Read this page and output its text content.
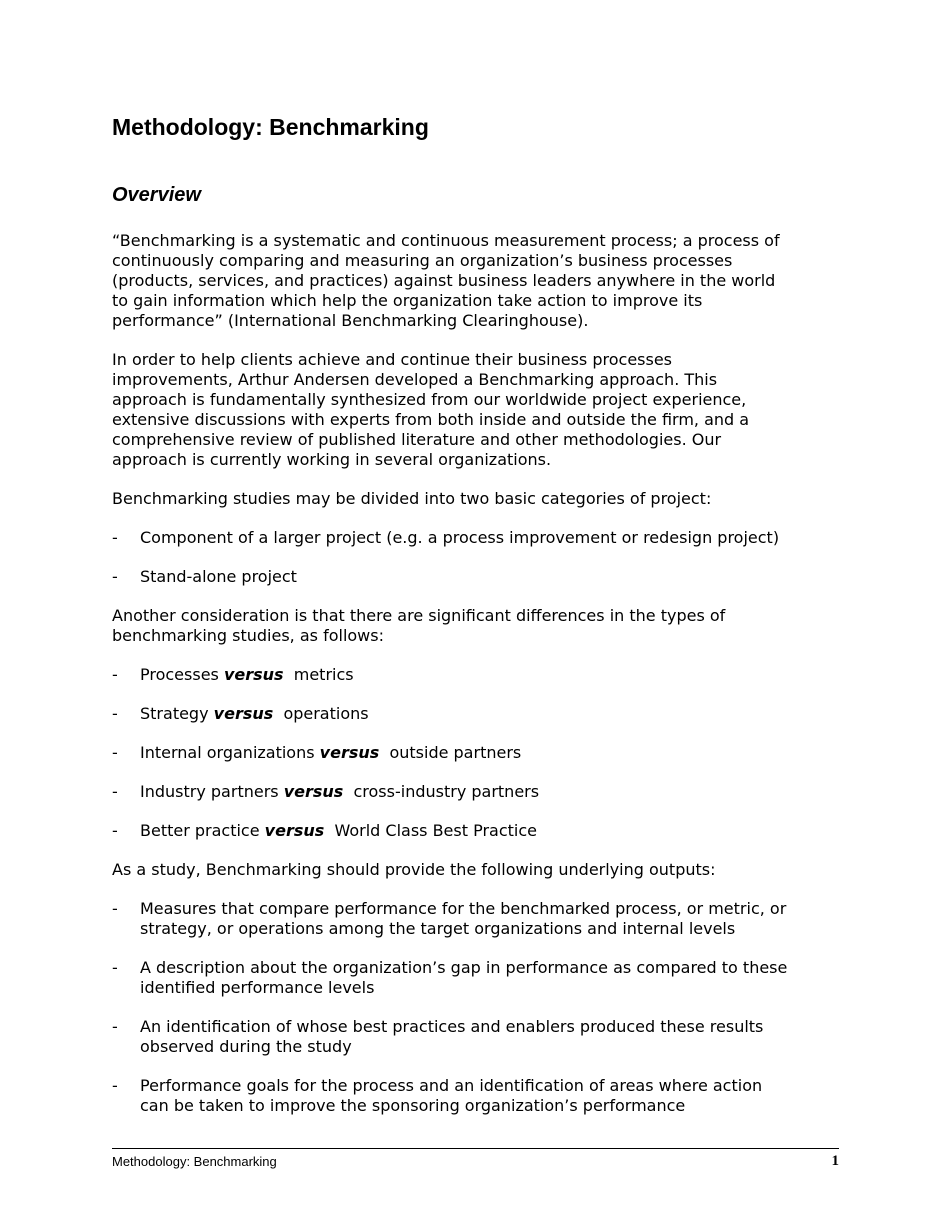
Methodology: Benchmarking
Overview

“Benchmarking is a systematic and continuous measurement process; a process of
continuously comparing and measuring an organization’s business processes
(products, services, and practices) against business leaders anywhere in the world
to gain information which help the organization take action to improve its
performance” (International Benchmarking Clearinghouse).

In order to help clients achieve and continue their business processes
improvements, Arthur Andersen developed a Benchmarking approach. This
approach is fundamentally synthesized from our worldwide project experience,
extensive discussions with experts from both inside and outside the firm, and a
comprehensive review of published literature and other methodologies. Our
approach is currently working in several organizations.

Benchmarking studies may be divided into two basic categories of project:

- Component of a larger project (e.g. a process improvement or redesign project)
- Stand-alone project

Another consideration is that there are significant differences in the types of
benchmarking studies, as follows:

- Processes versus metrics
- Strategy versus operations
- Internal organizations versus outside partners
- Industry partners versus cross-industry partners
- Better practice versus World Class Best Practice

As a study, Benchmarking should provide the following underlying outputs:

- Measures that compare performance for the benchmarked process, or metric, or
strategy, or operations among the target organizations and internal levels
- A description about the organization’s gap in performance as compared to these
identified performance levels
- An identification of whose best practices and enablers produced these results
observed during the study
- Performance goals for the process and an identification of areas where action
can be taken to improve the sponsoring organization’s performance
Methodology: Benchmarking	1
